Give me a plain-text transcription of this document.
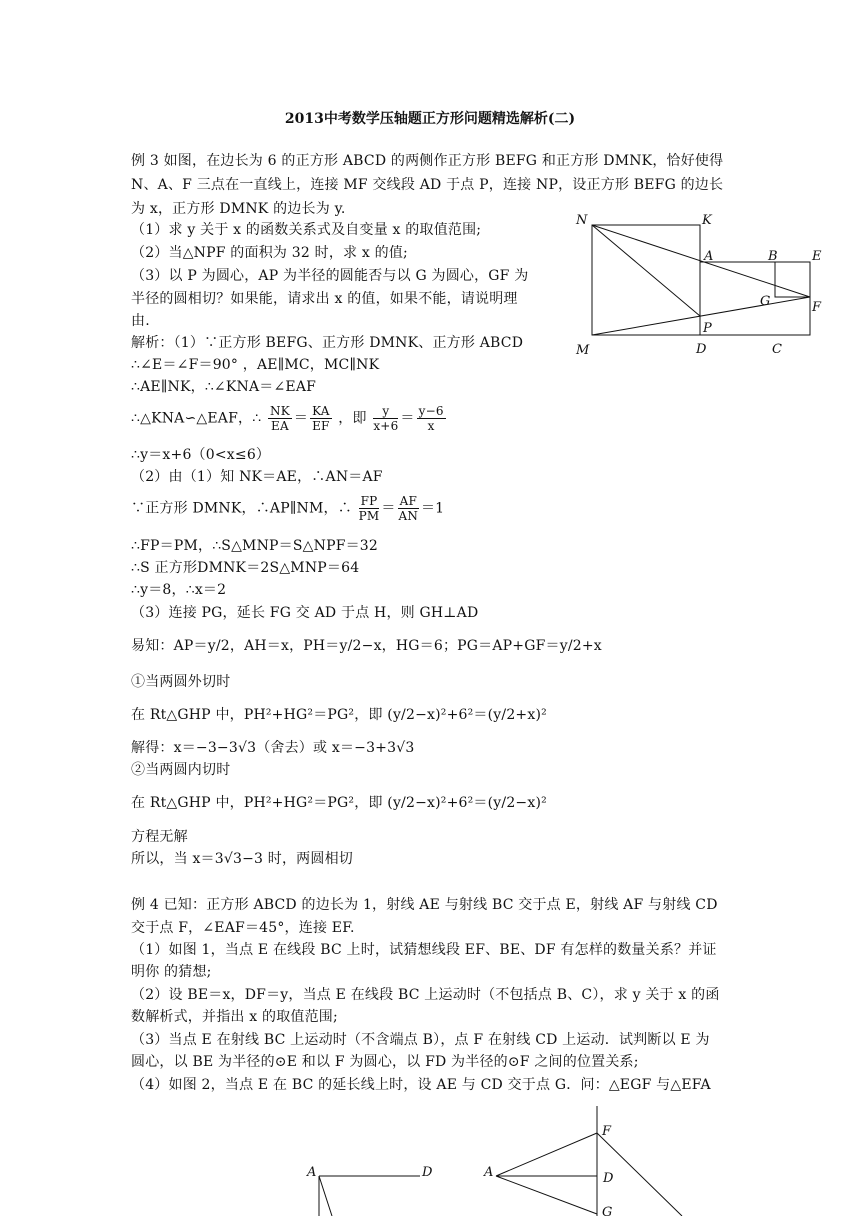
2013中考数学压轴题正方形问题精选解析(二)
例 3 如图，在边长为 6 的正方形 ABCD 的两侧作正方形 BEFG 和正方形 DMNK，恰好使得
N、A、F 三点在一直线上，连接 MF 交线段 AD 于点 P，连接 NP，设正方形 BEFG 的边长
为 x，正方形 DMNK 的边长为 y.
（1）求 y 关于 x 的函数关系式及自变量 x 的取值范围;
（2）当△NPF 的面积为 32 时，求 x 的值;
（3）以 P 为圆心，AP 为半径的圆能否与以 G 为圆心，GF 为
半径的圆相切？如果能，请求出 x 的值，如果不能，请说明理
由.
解析：（1）∵正方形 BEFG、正方形 DMNK、正方形 ABCD
∴∠E＝∠F＝90° ，AE∥MC，MC∥NK
∴AE∥NK，∴∠KNA＝∠EAF
∴△KNA∽△EAF，∴ $\frac{NK}{EA} = \frac{KA}{EF}$ ，即 $\frac{y}{x+6} = \frac{y-6}{x}$
∴y＝x+6（0<x≤6）
（2）由（1）知 NK＝AE，∴AN＝AF
∵正方形 DMNK，∴AP∥NM，∴ $\frac{FP}{PM} = \frac{AF}{AN} =1$
∴FP＝PM，∴S△MNP＝S△NPF＝32
∴S 正方形DMNK＝2S△MNP＝64
∴y＝8，∴x＝2
（3）连接 PG，延长 FG 交 AD 于点 H，则 GH⊥AD
易知：AP＝y/2，AH＝x，PH＝y/2−x，HG＝6；PG＝AP+GF＝y/2+x
①当两圆外切时
在 Rt△GHP 中，PH²+HG²＝PG²，即 (y/2−x)²+6²＝(y/2+x)²
解得：x＝−3−3√3（舍去）或 x＝−3+3√3
②当两圆内切时
在 Rt△GHP 中，PH²+HG²＝PG²，即 (y/2−x)²+6²＝(y/2−x)²
方程无解
所以，当 x＝3√3−3 时，两圆相切
例 4 已知：正方形 ABCD 的边长为 1，射线 AE 与射线 BC 交于点 E，射线 AF 与射线 CD
交于点 F，∠EAF＝45°，连接 EF.
（1）如图 1，当点 E 在线段 BC 上时，试猜想线段 EF、BE、DF 有怎样的数量关系？并证
明你 的猜想;
（2）设 BE＝x，DF＝y，当点 E 在线段 BC 上运动时（不包括点 B、C），求 y 关于 x 的函
数解析式，并指出 x 的取值范围;
（3）当点 E 在射线 BC 上运动时（不含端点 B），点 F 在射线 CD 上运动．试判断以 E 为
圆心，以 BE 为半径的⊙E 和以 F 为圆心，以 FD 为半径的⊙F 之间的位置关系;
（4）如图 2，当点 E 在 BC 的延长线上时，设 AE 与 CD 交于点 G．问：△EGF 与△EFA
N	K
A	B	E
G	F
P
M	D	C
A	D	A
F
D
G
